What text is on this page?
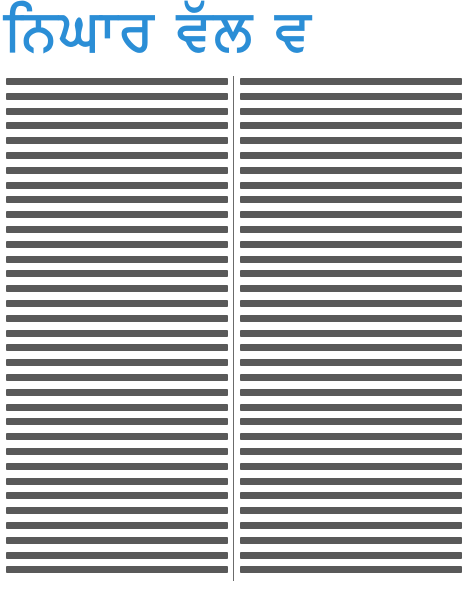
ਨਿਘਾਰ ਵੱਲ ਵ
